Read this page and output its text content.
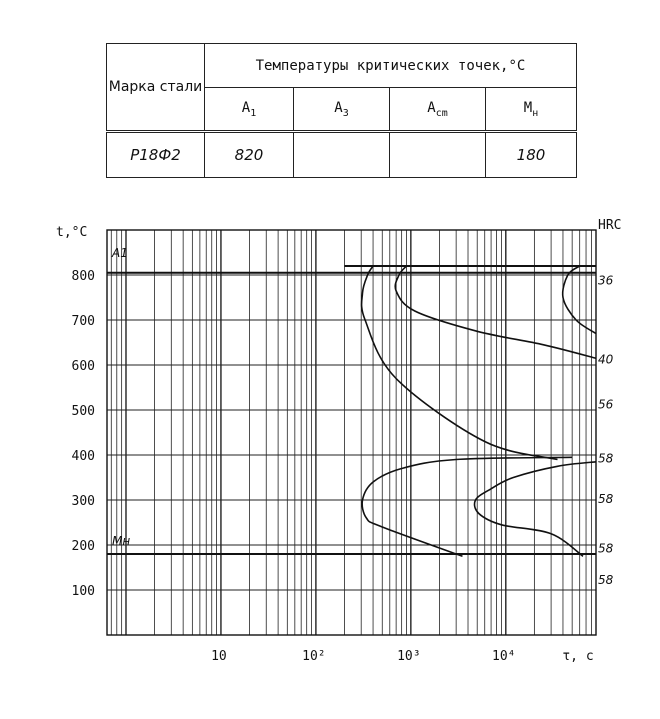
Марка стали	Температуры критических точек,°С			
	$A_1$	$A_3$	$A_{cm}$	$M_н$
Р18Ф2	820			180
800
700
600
500
400
300
200
100
10	10²	10³	10⁴
t,°С
τ, c
HRC
A1
Mн
36
40
56
58
58
58
58
